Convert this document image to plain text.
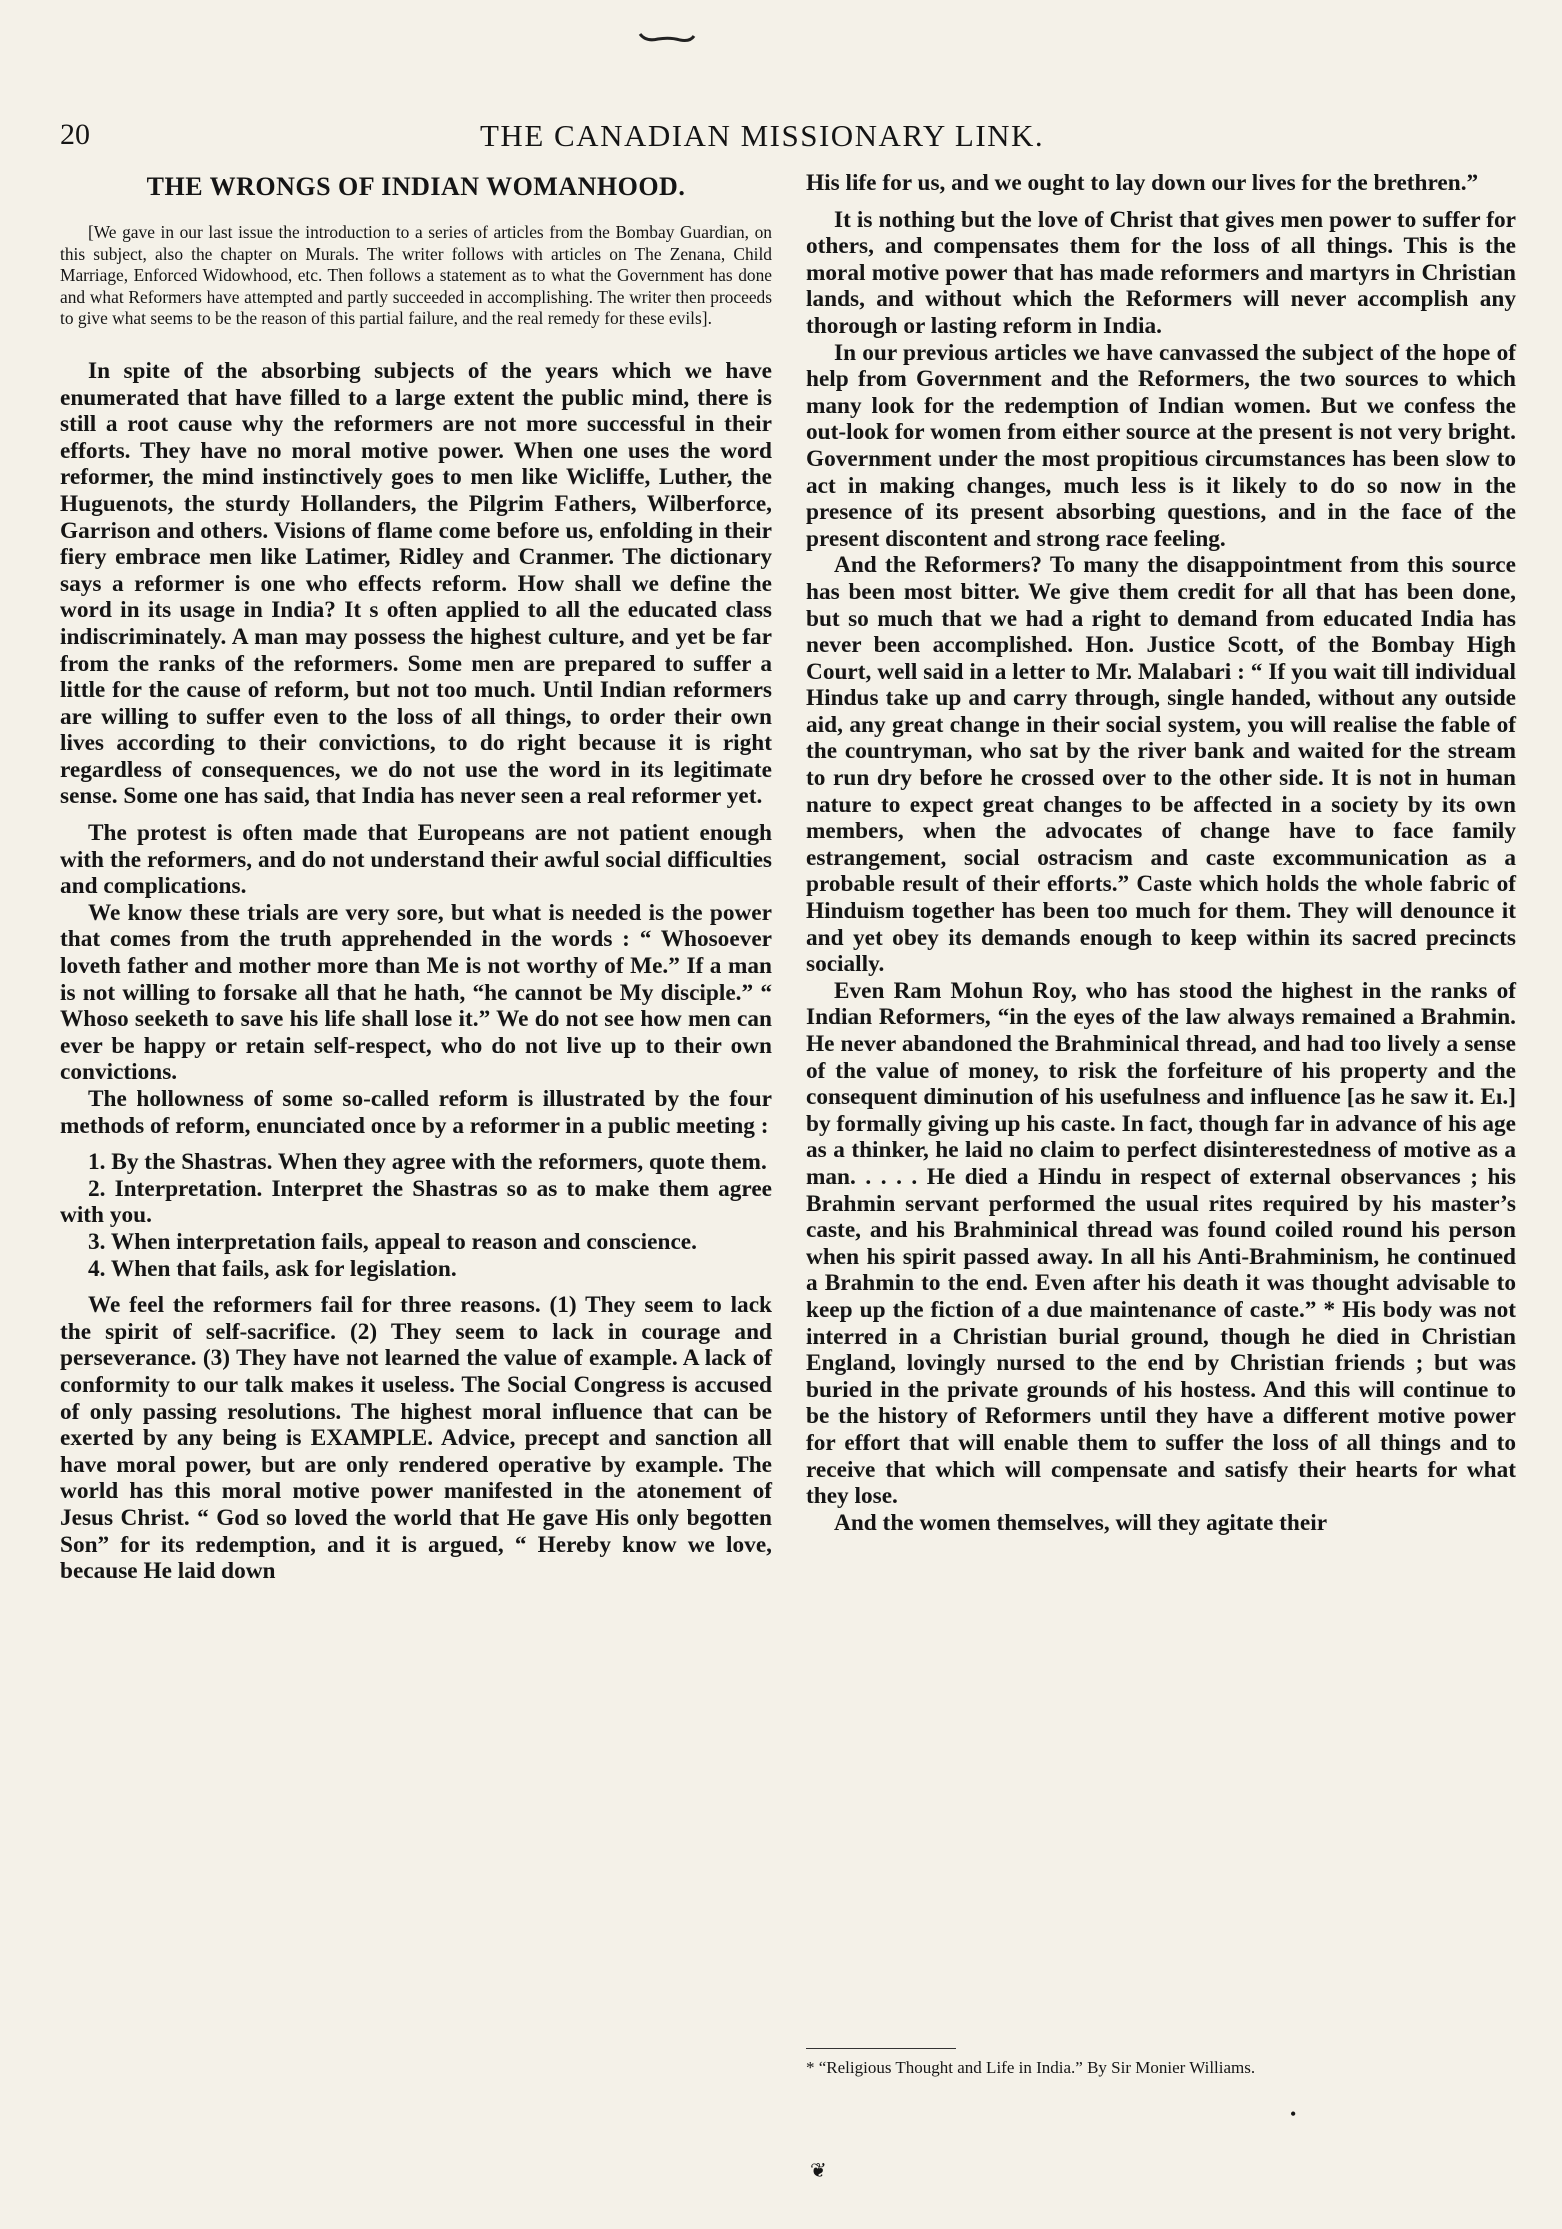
20	THE CANADIAN MISSIONARY LINK.
THE WRONGS OF INDIAN WOMANHOOD.

[We gave in our last issue the introduction to a series of articles from the Bombay Guardian, on this subject, also the chapter on Murals. The writer follows with articles on The Zenana, Child Marriage, Enforced Widowhood, etc. Then follows a statement as to what the Government has done and what Reformers have attempted and partly succeeded in accomplishing. The writer then proceeds to give what seems to be the reason of this partial failure, and the real remedy for these evils].

In spite of the absorbing subjects of the years which we have enumerated that have filled to a large extent the public mind, there is still a root cause why the reformers are not more successful in their efforts. They have no moral motive power. When one uses the word reformer, the mind instinctively goes to men like Wicliffe, Luther, the Huguenots, the sturdy Hollanders, the Pilgrim Fathers, Wilberforce, Garrison and others. Visions of flame come before us, enfolding in their fiery embrace men like Latimer, Ridley and Cranmer. The dictionary says a reformer is one who effects reform. How shall we define the word in its usage in India? It s often applied to all the educated class indiscriminately. A man may possess the highest culture, and yet be far from the ranks of the reformers. Some men are prepared to suffer a little for the cause of reform, but not too much. Until Indian reformers are willing to suffer even to the loss of all things, to order their own lives according to their convictions, to do right because it is right regardless of consequences, we do not use the word in its legitimate sense. Some one has said, that India has never seen a real reformer yet.

The protest is often made that Europeans are not patient enough with the reformers, and do not understand their awful social difficulties and complications.

We know these trials are very sore, but what is needed is the power that comes from the truth apprehended in the words : “ Whosoever loveth father and mother more than Me is not worthy of Me.” If a man is not willing to forsake all that he hath, “he cannot be My disciple.” “ Whoso seeketh to save his life shall lose it.” We do not see how men can ever be happy or retain self-respect, who do not live up to their own convictions.

The hollowness of some so-called reform is illustrated by the four methods of reform, enunciated once by a reformer in a public meeting :

1. By the Shastras. When they agree with the reformers, quote them.

2. Interpretation. Interpret the Shastras so as to make them agree with you.

3. When interpretation fails, appeal to reason and conscience.

4. When that fails, ask for legislation.

We feel the reformers fail for three reasons. (1) They seem to lack the spirit of self-sacrifice. (2) They seem to lack in courage and perseverance. (3) They have not learned the value of example. A lack of conformity to our talk makes it useless. The Social Congress is accused of only passing resolutions. The highest moral influence that can be exerted by any being is EXAMPLE. Advice, precept and sanction all have moral power, but are only rendered operative by example. The world has this moral motive power manifested in the atonement of Jesus Christ. “ God so loved the world that He gave His only begotten Son” for its redemption, and it is argued, “ Hereby know we love, because He laid down

His life for us, and we ought to lay down our lives for the brethren.”

It is nothing but the love of Christ that gives men power to suffer for others, and compensates them for the loss of all things. This is the moral motive power that has made reformers and martyrs in Christian lands, and without which the Reformers will never accomplish any thorough or lasting reform in India.

In our previous articles we have canvassed the subject of the hope of help from Government and the Reformers, the two sources to which many look for the redemption of Indian women. But we confess the out-look for women from either source at the present is not very bright. Government under the most propitious circumstances has been slow to act in making changes, much less is it likely to do so now in the presence of its present absorbing questions, and in the face of the present discontent and strong race feeling.

And the Reformers? To many the disappointment from this source has been most bitter. We give them credit for all that has been done, but so much that we had a right to demand from educated India has never been accomplished. Hon. Justice Scott, of the Bombay High Court, well said in a letter to Mr. Malabari : “ If you wait till individual Hindus take up and carry through, single handed, without any outside aid, any great change in their social system, you will realise the fable of the countryman, who sat by the river bank and waited for the stream to run dry before he crossed over to the other side. It is not in human nature to expect great changes to be affected in a society by its own members, when the advocates of change have to face family estrangement, social ostracism and caste excommunication as a probable result of their efforts.” Caste which holds the whole fabric of Hinduism together has been too much for them. They will denounce it and yet obey its demands enough to keep within its sacred precincts socially.

Even Ram Mohun Roy, who has stood the highest in the ranks of Indian Reformers, “in the eyes of the law always remained a Brahmin. He never abandoned the Brahminical thread, and had too lively a sense of the value of money, to risk the forfeiture of his property and the consequent diminution of his usefulness and influence [as he saw it. Eı.] by formally giving up his caste. In fact, though far in advance of his age as a thinker, he laid no claim to perfect disinterestedness of motive as a man. . . . . He died a Hindu in respect of external observances ; his Brahmin servant performed the usual rites required by his master’s caste, and his Brahminical thread was found coiled round his person when his spirit passed away. In all his Anti-Brahminism, he continued a Brahmin to the end. Even after his death it was thought advisable to keep up the fiction of a due maintenance of caste.” * His body was not interred in a Christian burial ground, though he died in Christian England, lovingly nursed to the end by Christian friends ; but was buried in the private grounds of his hostess. And this will continue to be the history of Reformers until they have a different motive power for effort that will enable them to suffer the loss of all things and to receive that which will compensate and satisfy their hearts for what they lose.

And the women themselves, will they agitate their

* “Religious Thought and Life in India.” By Sir Monier Williams.
•
❦
